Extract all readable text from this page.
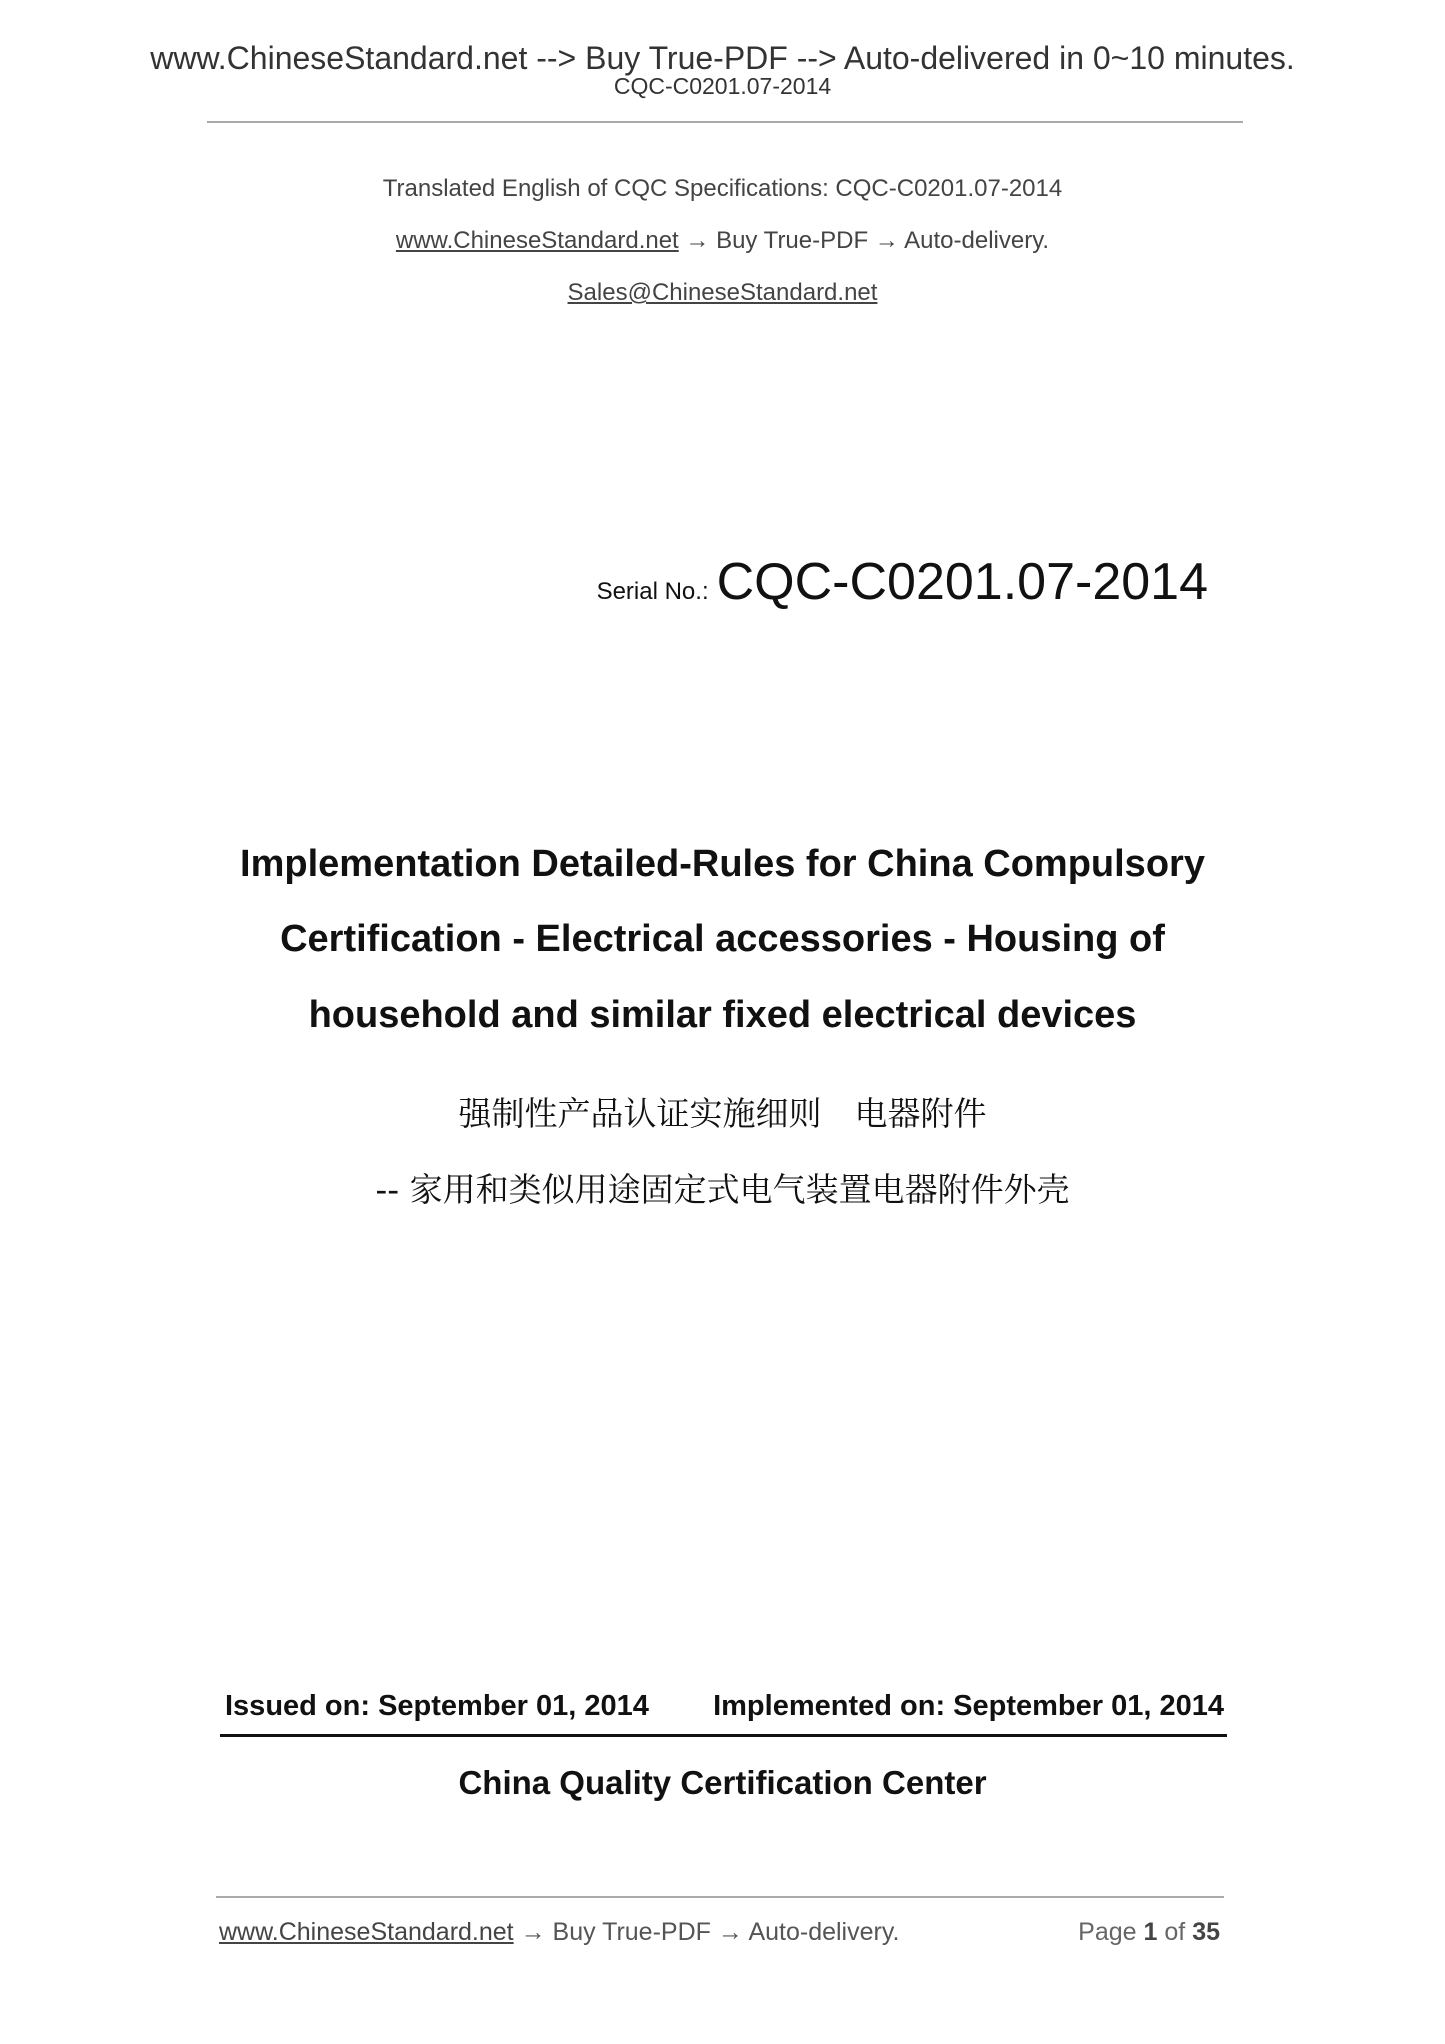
www.ChineseStandard.net --> Buy True-PDF --> Auto-delivered in 0~10 minutes.
CQC-C0201.07-2014
Translated English of CQC Specifications: CQC-C0201.07-2014
www.ChineseStandard.net → Buy True-PDF → Auto-delivery.
Sales@ChineseStandard.net
Serial No.: CQC-C0201.07-2014
Implementation Detailed-Rules for China Compulsory
Certification - Electrical accessories - Housing of
household and similar fixed electrical devices
强制性产品认证实施细则　电器附件
-- 家用和类似用途固定式电气装置电器附件外壳
Issued on: September 01, 2014 Implemented on: September 01, 2014
China Quality Certification Center
www.ChineseStandard.net → Buy True-PDF → Auto-delivery.	Page 1 of 35
